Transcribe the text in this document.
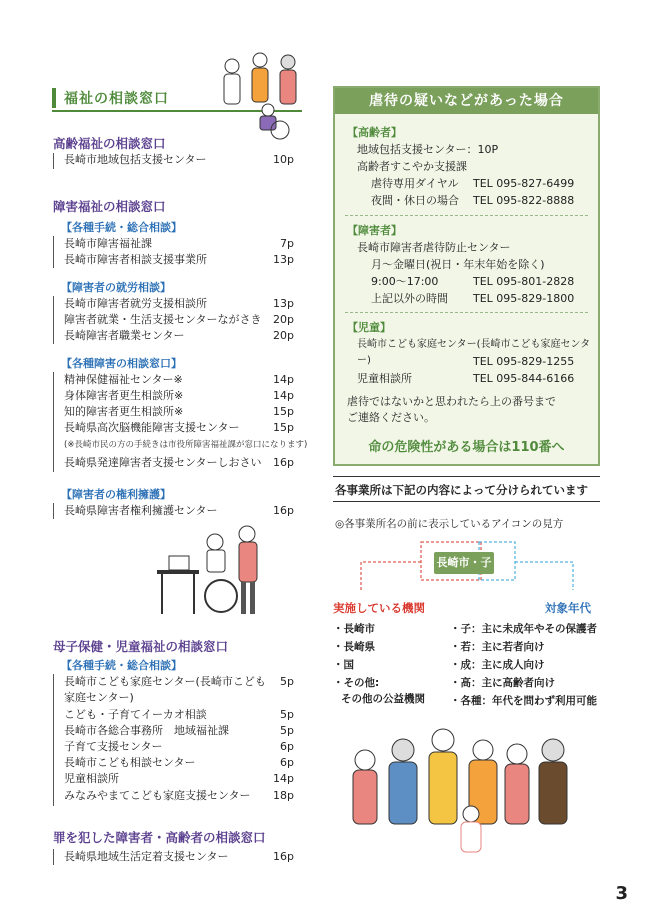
福祉の相談窓口
高齢福祉の相談窓口
長崎市地域包括支援センター	10p
障害福祉の相談窓口
【各種手続・総合相談】
長崎市障害福祉課	7p
長崎市障害者相談支援事業所	13p
【障害者の就労相談】
長崎市障害者就労支援相談所	13p
障害者就業・生活支援センターながさき 20p
長崎障害者職業センター	20p
【各種障害の相談窓口】
精神保健福祉センター※	14p
身体障害者更生相談所※	14p
知的障害者更生相談所※	15p
長崎県高次脳機能障害支援センター	15p
(※長崎市民の方の手続きは市役所障害福祉課が窓口になります)
長崎県発達障害者支援センターしおさい 16p
【障害者の権利擁護】
長崎県障害者権利擁護センター	16p
母子保健・児童福祉の相談窓口
【各種手続・総合相談】
長崎市こども家庭センター(長崎市こども 5p
家庭センター)
こども・子育てイーカオ相談	5p
長崎市各総合事務所　地域福祉課	5p
子育て支援センター	6p
長崎市こども相談センター	6p
児童相談所	14p
みなみやまてこども家庭支援センター 18p
罪を犯した障害者・高齢者の相談窓口
長崎県地域生活定着支援センター	16p
虐待の疑いなどがあった場合
【高齢者】
地域包括支援センター：10P
高齢者すこやか支援課
虐待専用ダイヤル TEL 095-827-6499
夜間・休日の場合 TEL 095-822-8888
【障害者】
長崎市障害者虐待防止センター
月～金曜日(祝日・年末年始を除く)
9:00～17:00	TEL 095-801-2828
上記以外の時間 TEL 095-829-1800
【児童】
長崎市こども家庭センター(長崎市こども家庭センター)	TEL 095-829-1255
児童相談所	TEL 095-844-6166
虐待ではないかと思われたら上の番号まで
ご連絡ください。
命の危険性がある場合は110番へ
各事業所は下記の内容によって分けられています
◎各事業所名の前に表示しているアイコンの見方
長崎市・子
実施している機関	対象年代
・長崎市
・長崎県
・国
・その他:
その他の公益機関
・子：主に未成年やその保護者
・若：主に若者向け
・成：主に成人向け
・高：主に高齢者向け
・各種：年代を問わず利用可能
3
